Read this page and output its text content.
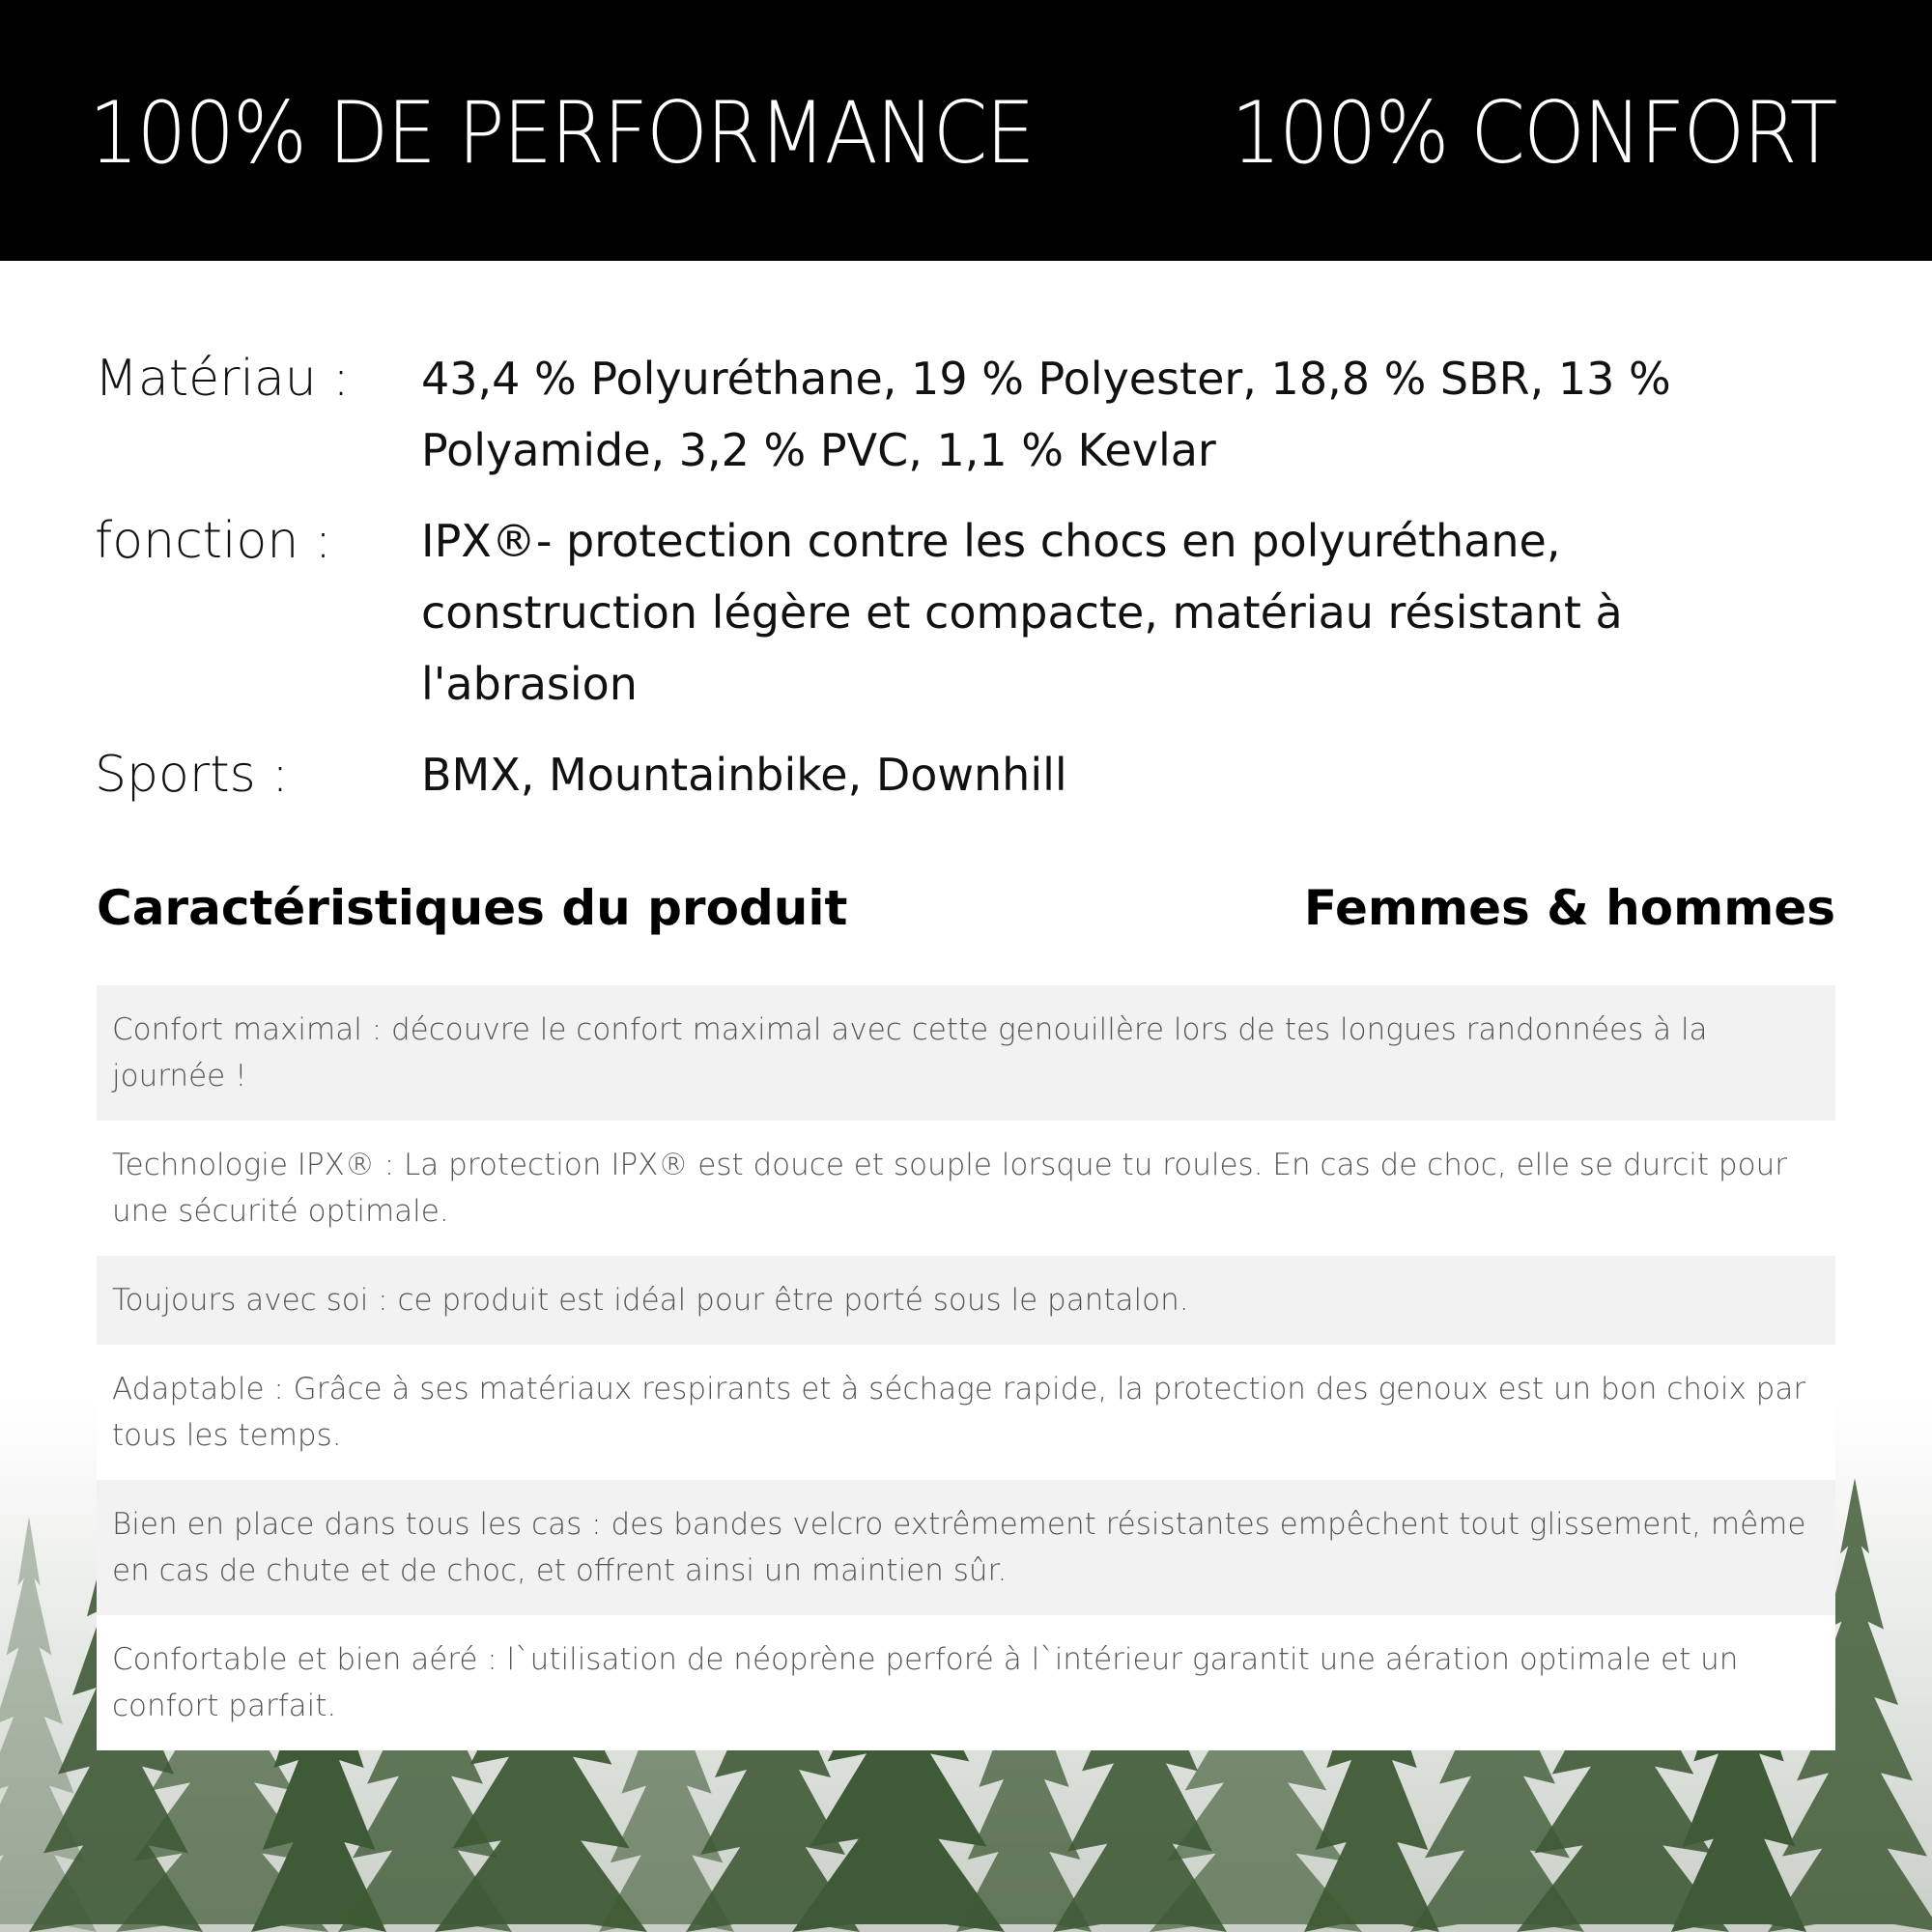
100% DE PERFORMANCE 100% CONFORT
Matériau :	43,4 % Polyuréthane, 19 % Polyester, 18,8 % SBR, 13 % Polyamide, 3,2 % PVC, 1,1 % Kevlar
fonction :	IPX®- protection contre les chocs en polyuréthane, construction légère et compacte, matériau résistant à l'abrasion
Sports :	BMX, Mountainbike, Downhill
Caractéristiques du produit	Femmes & hommes
Confort maximal : découvre le confort maximal avec cette genouillère lors de tes longues randonnées à la journée !
Technologie IPX® : La protection IPX® est douce et souple lorsque tu roules. En cas de choc, elle se durcit pour une sécurité optimale.
Toujours avec soi : ce produit est idéal pour être porté sous le pantalon.
Adaptable : Grâce à ses matériaux respirants et à séchage rapide, la protection des genoux est un bon choix par tous les temps.
Bien en place dans tous les cas : des bandes velcro extrêmement résistantes empêchent tout glissement, même en cas de chute et de choc, et offrent ainsi un maintien sûr.
Confortable et bien aéré : l`utilisation de néoprène perforé à l`intérieur garantit une aération optimale et un confort parfait.
